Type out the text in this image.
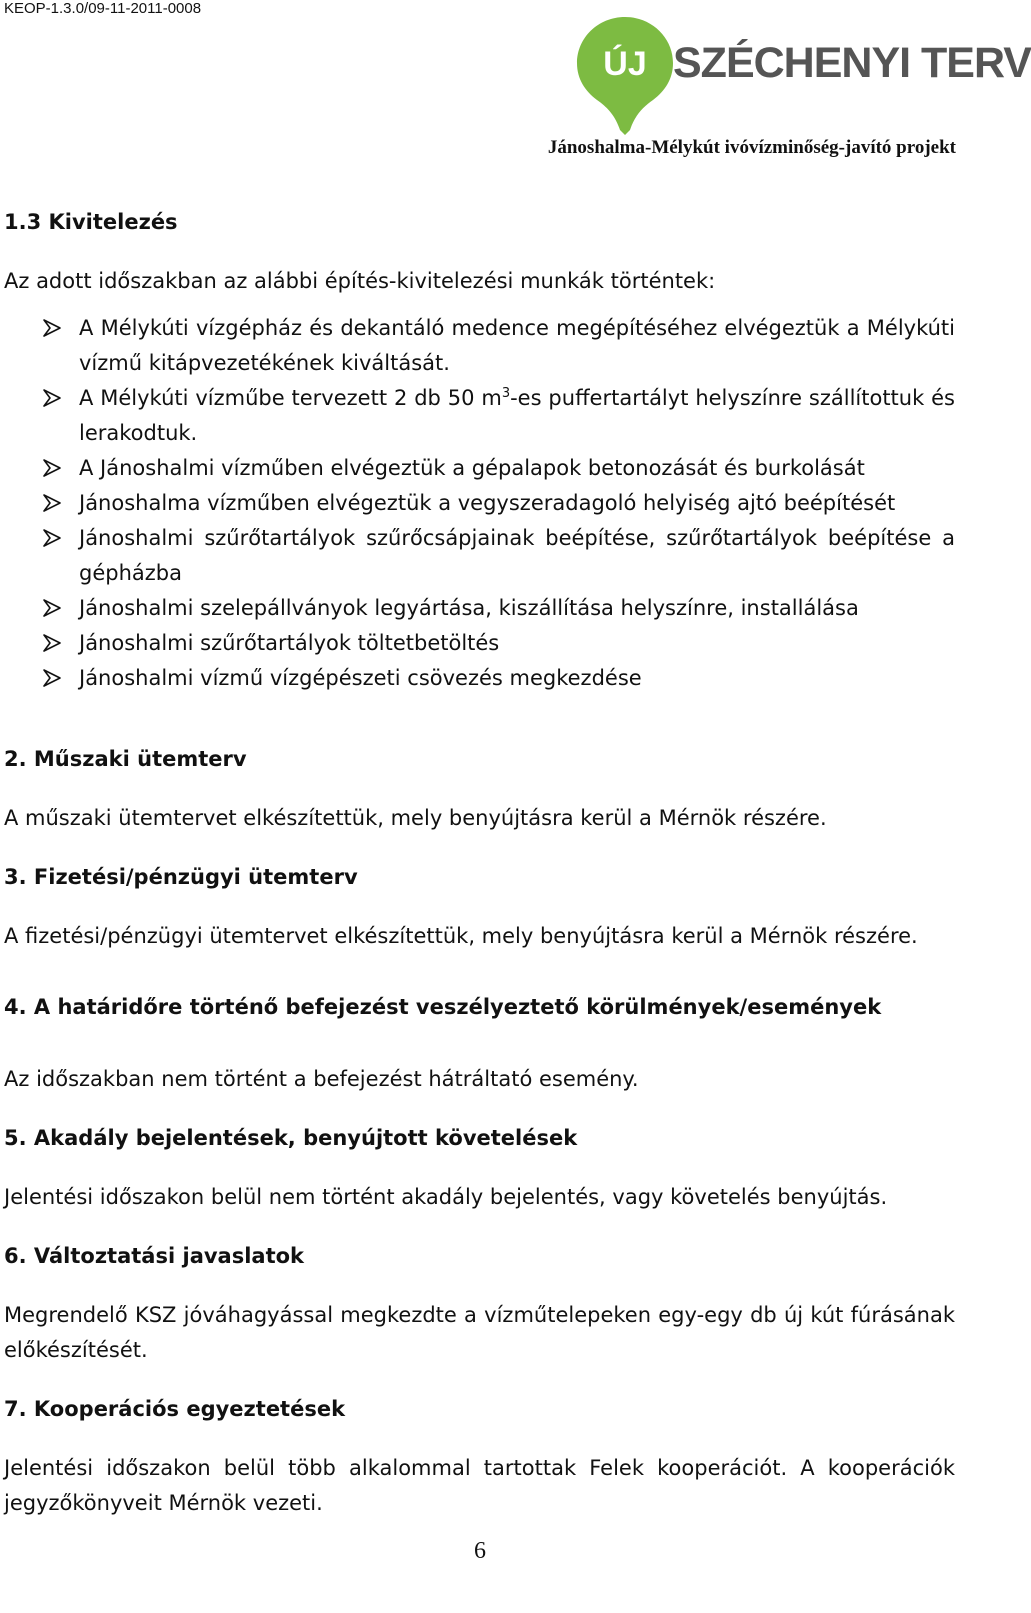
KEOP-1.3.0/09-11-2011-0008
ÚJ SZÉCHENYI TERV
Jánoshalma-Mélykút ivóvízminőség-javító projekt
1.3 Kivitelezés

Az adott időszakban az alábbi építés-kivitelezési munkák történtek:

A Mélykúti vízgépház és dekantáló medence megépítéséhez elvégeztük a Mélykúti vízmű kitápvezetékének kiváltását.
A Mélykúti vízműbe tervezett 2 db 50 $m^3-es$ puffertartályt helyszínre szállítottuk és lerakodtuk.
A Jánoshalmi vízműben elvégeztük a gépalapok betonozását és burkolását
Jánoshalma vízműben elvégeztük a vegyszeradagoló helyiség ajtó beépítését
Jánoshalmi szűrőtartályok szűrőcsápjainak beépítése, szűrőtartályok beépítése a gépházba
Jánoshalmi szelepállványok legyártása, kiszállítása helyszínre, installálása
Jánoshalmi szűrőtartályok töltetbetöltés
Jánoshalmi vízmű vízgépészeti csövezés megkezdése
2. Műszaki ütemterv

A műszaki ütemtervet elkészítettük, mely benyújtásra kerül a Mérnök részére.

3. Fizetési/pénzügyi ütemterv

A fizetési/pénzügyi ütemtervet elkészítettük, mely benyújtásra kerül a Mérnök részére.

4. A határidőre történő befejezést veszélyeztető körülmények/események

Az időszakban nem történt a befejezést hátráltató esemény.

5. Akadály bejelentések, benyújtott követelések

Jelentési időszakon belül nem történt akadály bejelentés, vagy követelés benyújtás.

6. Változtatási javaslatok

Megrendelő KSZ jóváhagyással megkezdte a vízműtelepeken egy-egy db új kút fúrásának előkészítését.

7. Kooperációs egyeztetések

Jelentési időszakon belül több alkalommal tartottak Felek kooperációt. A kooperációk jegyzőkönyveit Mérnök vezeti.

6
